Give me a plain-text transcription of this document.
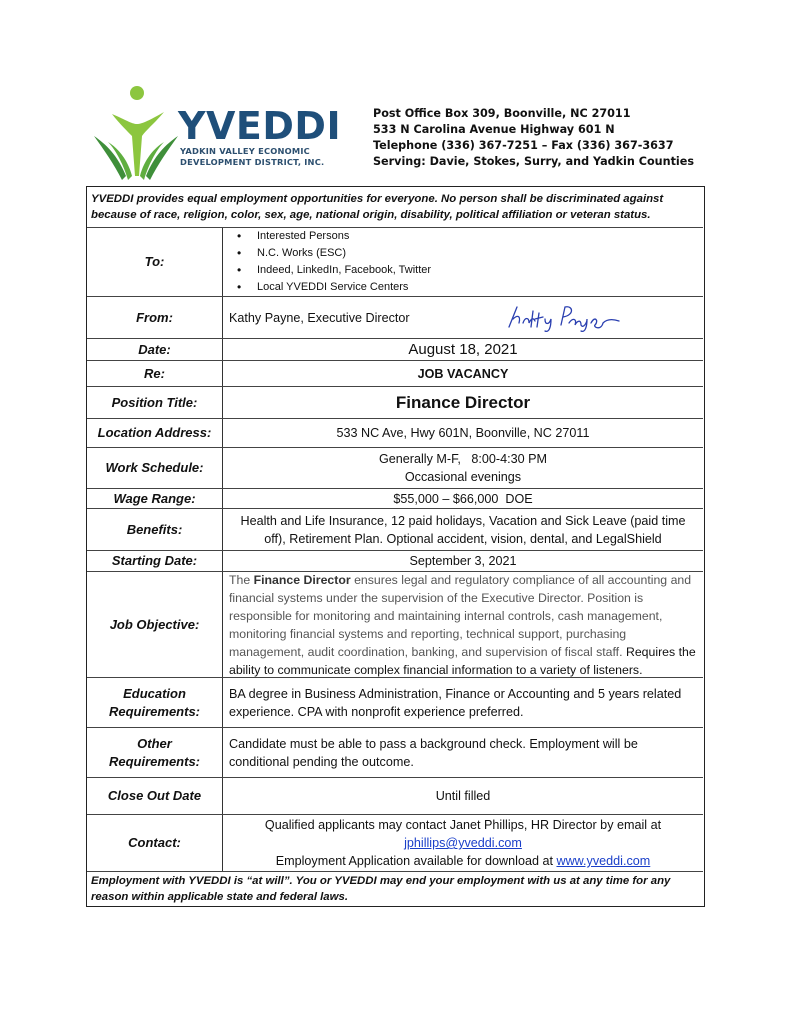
YVEDDI
YADKIN VALLEY ECONOMIC
DEVELOPMENT DISTRICT, INC.
Post Office Box 309, Boonville, NC 27011
533 N Carolina Avenue Highway 601 N
Telephone (336) 367-7251 – Fax (336) 367-3637
Serving: Davie, Stokes, Surry, and Yadkin Counties
YVEDDI provides equal employment opportunities for everyone. No person shall be discriminated against because of race, religion, color, sex, age, national origin, disability, political affiliation or veteran status.
To:
• Interested Persons
• N.C. Works (ESC)
• Indeed, LinkedIn, Facebook, Twitter
• Local YVEDDI Service Centers
From:	Kathy Payne, Executive Director
Date:	August 18, 2021
Re:	JOB VACANCY
Position Title:	Finance Director
Location Address:	533 NC Ave, Hwy 601N, Boonville, NC 27011
Work Schedule:
Generally M-F,   8:00-4:30 PM
Occasional evenings
Wage Range:	$55,000 – $66,000  DOE
Benefits:
Health and Life Insurance, 12 paid holidays, Vacation and Sick Leave (paid time
off), Retirement Plan. Optional accident, vision, dental, and LegalShield
Starting Date:	September 3, 2021
Job Objective:
The Finance Director ensures legal and regulatory compliance of all accounting and financial systems under the supervision of the Executive Director. Position is responsible for monitoring and maintaining internal controls, cash management, monitoring financial systems and reporting, technical support, purchasing management, audit coordination, banking, and supervision of fiscal staff. Requires the ability to communicate complex financial information to a variety of listeners.
Education
Requirements:
BA degree in Business Administration, Finance or Accounting and 5 years related experience. CPA with nonprofit experience preferred.
Other
Requirements:
Candidate must be able to pass a background check. Employment will be conditional pending the outcome.
Close Out Date	Until filled
Contact:
Qualified applicants may contact Janet Phillips, HR Director by email at
jphillips@yveddi.com
Employment Application available for download at www.yveddi.com
Employment with YVEDDI is “at will”. You or YVEDDI may end your employment with us at any time for any reason within applicable state and federal laws.
